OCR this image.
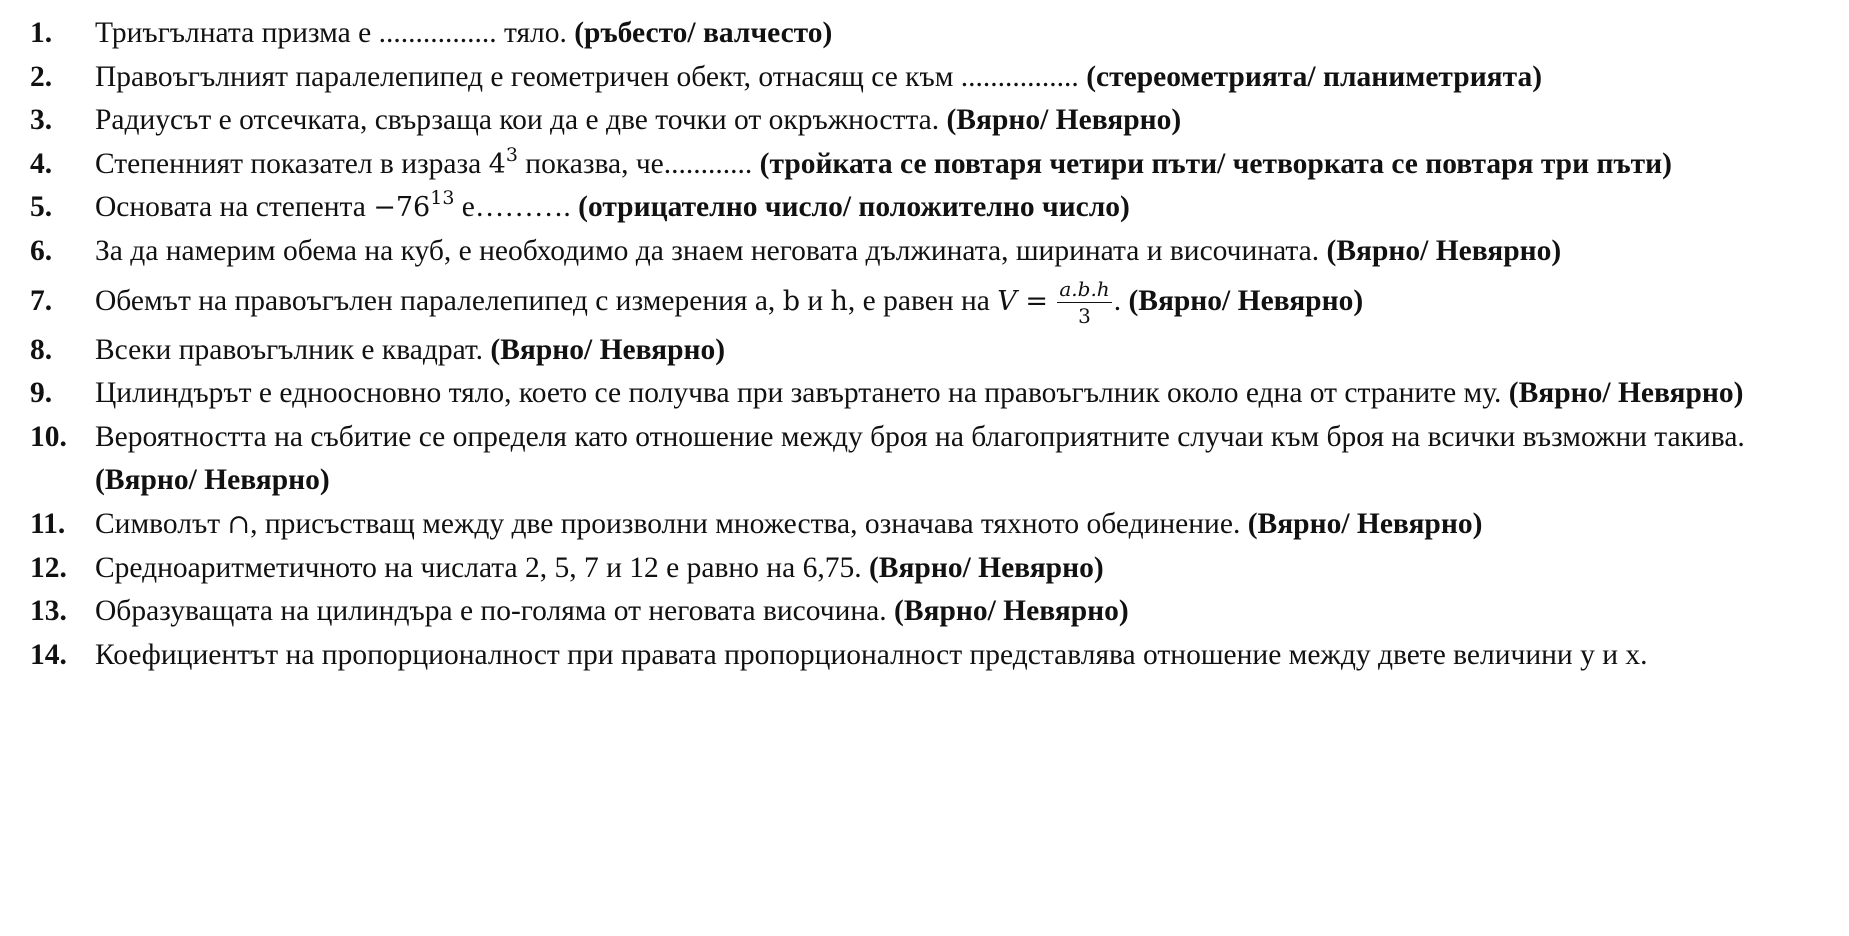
1.	Триъгълната призма е ................ тяло. (ръбесто/ валчесто)
2.	Правоъгълният паралелепипед е геометричен обект, отнасящ се към ................ (стереометрията/ планиметрията)
3.	Радиусът е отсечката, свързаща кои да е две точки от окръжността. (Вярно/ Невярно)
4.	Степенният показател в израза $4^3$ показва, че............ (тройката се повтаря четири пъти/ четворката се повтаря три пъти)
5.	Основата на степента $-76^{13}$ е………. (отрицателно число/ положително число)
6.	За да намерим обема на куб, е необходимо да знаем неговата дължината, ширината и височината. (Вярно/ Невярно)
7.	Обемът на правоъгълен паралелепипед с измерения a, b и h, е равен на $V = \frac{a.b.h}{3}$ . (Вярно/ Невярно)
8.	Всеки правоъгълник е квадрат. (Вярно/ Невярно)
9.	Цилиндърът е едноосновно тяло, което се получва при завъртането на правоъгълник около една от страните му. (Вярно/ Невярно)
10. Вероятността на събитие се определя като отношение между броя на благоприятните случаи към броя на всички възможни такива. (Вярно/ Невярно)
11.	Символът ∩, присъстващ между две произволни множества, означава тяхното обединение. (Вярно/ Невярно)
12. Средноаритметичното на числата 2, 5, 7 и 12 е равно на 6,75. (Вярно/ Невярно)
13. Образуващата на цилиндъра е по-голяма от неговата височина. (Вярно/ Невярно)
14. Коефициентът на пропорционалност при правата пропорционалност представлява отношение между двете величини y и x.
